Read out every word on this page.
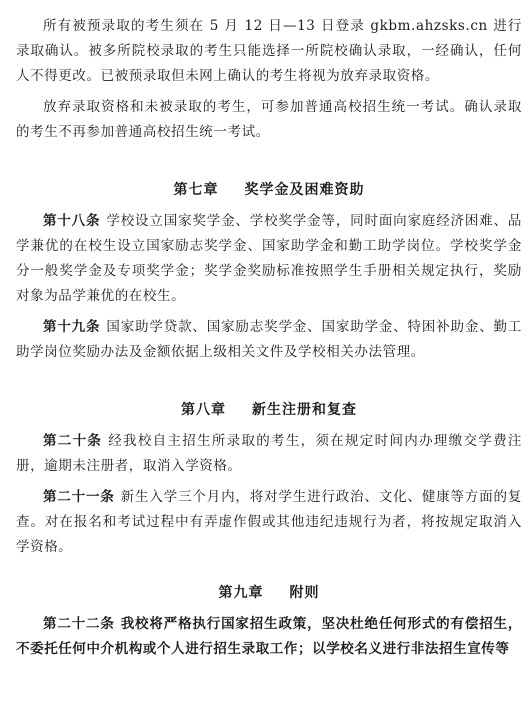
所有被预录取的考生须在 5 月 12 日—13 日登录 gkbm.ahzsks.cn 进行录取确认。被多所院校录取的考生只能选择一所院校确认录取，一经确认，任何人不得更改。已被预录取但未网上确认的考生将视为放弃录取资格。

放弃录取资格和未被录取的考生，可参加普通高校招生统一考试。确认录取的考生不再参加普通高校招生统一考试。

第七章 奖学金及困难资助

第十八条 学校设立国家奖学金、学校奖学金等，同时面向家庭经济困难、品学兼优的在校生设立国家励志奖学金、国家助学金和勤工助学岗位。学校奖学金分一般奖学金及专项奖学金；奖学金奖励标准按照学生手册相关规定执行，奖励对象为品学兼优的在校生。

第十九条 国家助学贷款、国家励志奖学金、国家助学金、特困补助金、勤工助学岗位奖励办法及金额依据上级相关文件及学校相关办法管理。

第八章 新生注册和复查

第二十条 经我校自主招生所录取的考生，须在规定时间内办理缴交学费注册，逾期未注册者，取消入学资格。

第二十一条 新生入学三个月内，将对学生进行政治、文化、健康等方面的复查。对在报名和考试过程中有弄虚作假或其他违纪违规行为者，将按规定取消入学资格。

第九章 附则

第二十二条 我校将严格执行国家招生政策，坚决杜绝任何形式的有偿招生，不委托任何中介机构或个人进行招生录取工作；以学校名义进行非法招生宣传等
